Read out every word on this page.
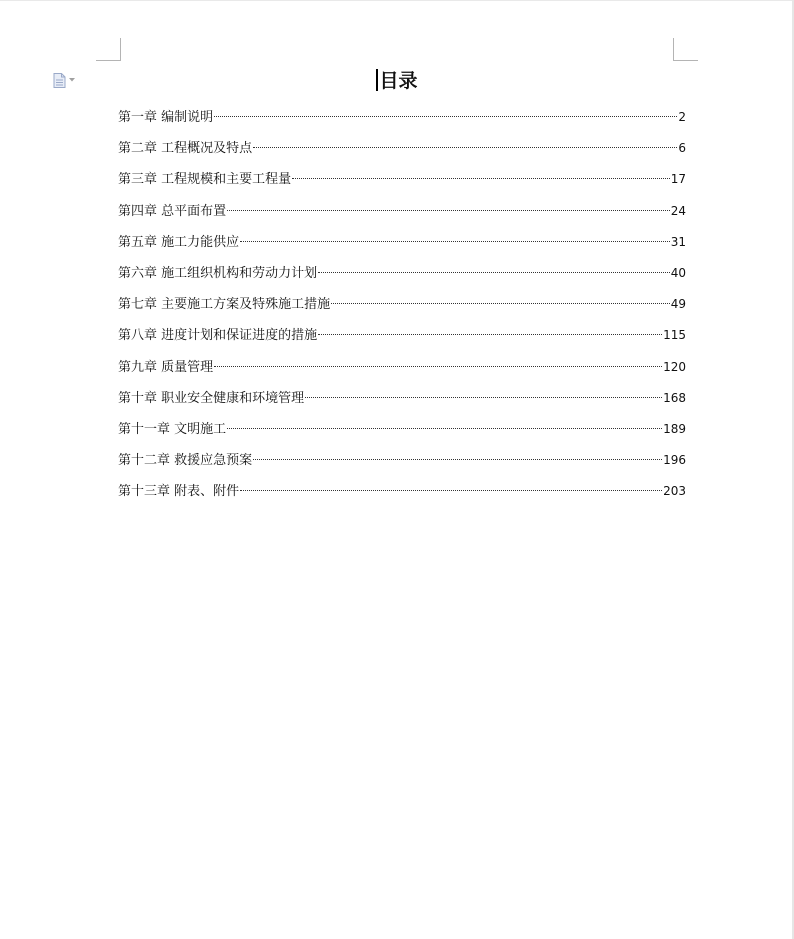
目录
第一章 编制说明	2
第二章 工程概况及特点	6
第三章 工程规模和主要工程量	17
第四章 总平面布置	24
第五章 施工力能供应	31
第六章 施工组织机构和劳动力计划	40
第七章 主要施工方案及特殊施工措施	49
第八章 进度计划和保证进度的措施	115
第九章 质量管理	120
第十章 职业安全健康和环境管理	168
第十一章 文明施工	189
第十二章 救援应急预案	196
第十三章 附表、附件	203
